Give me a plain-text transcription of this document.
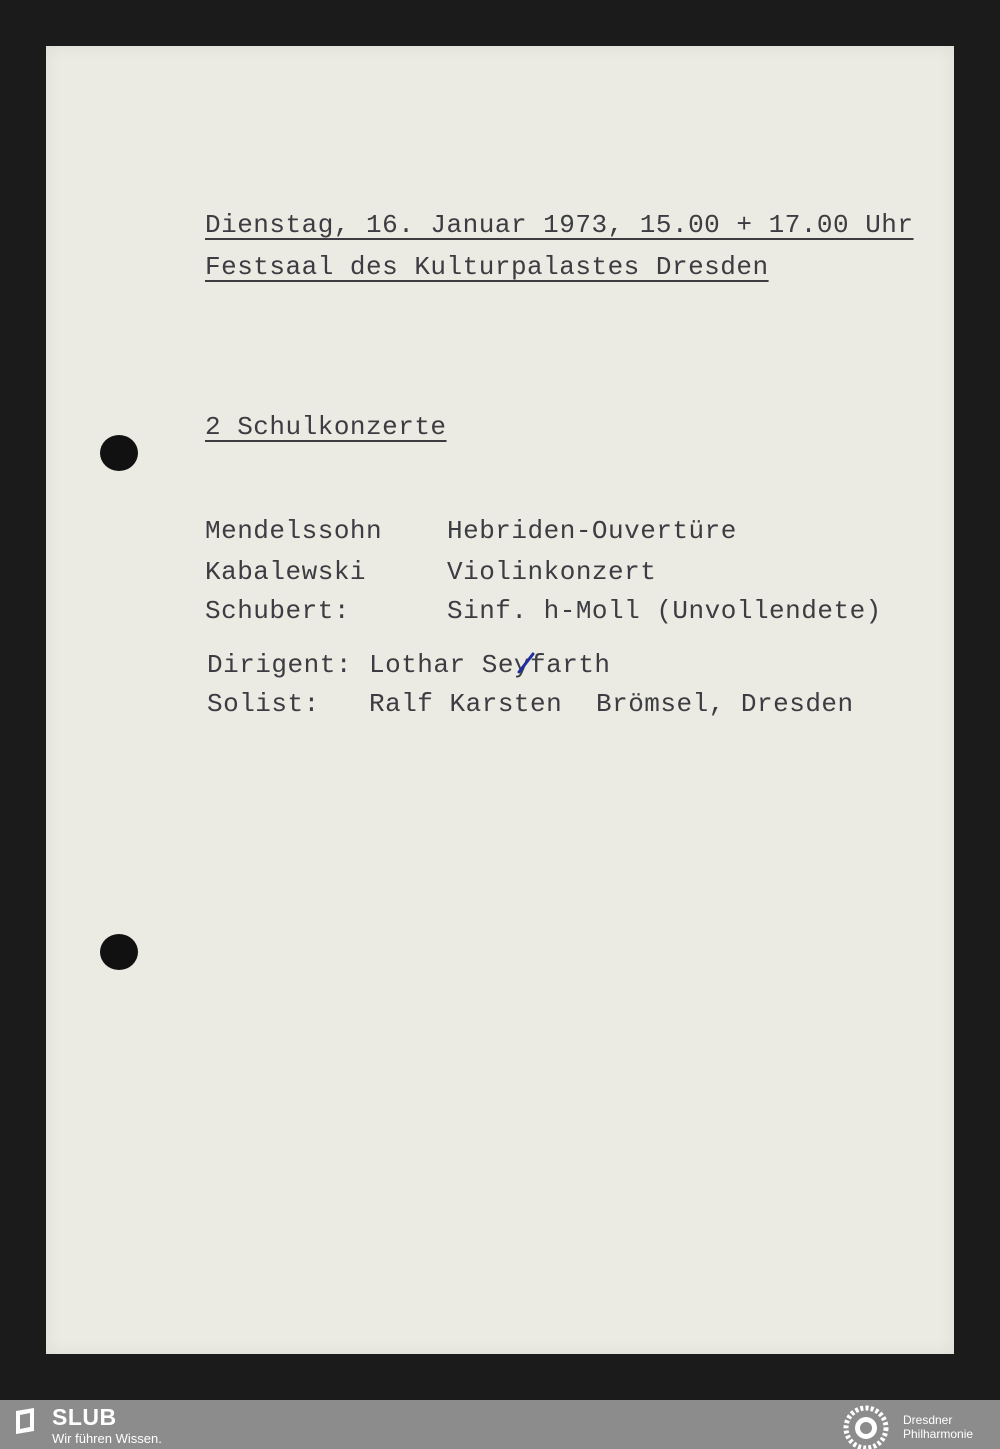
Dienstag, 16. Januar 1973, 15.00 + 17.00 Uhr
Festsaal des Kulturpalastes Dresden
2 Schulkonzerte
Mendelssohn Hebriden-Ouvertüre
Kabalewski	Violinkonzert
Schubert:	Sinf. h-Moll (Unvollendete)
Dirigent: Lothar Seyfarth
Solist: Ralf Karsten Brömsel, Dresden
SLUB
Wir führen Wissen.
Dresdner
Philharmonie
